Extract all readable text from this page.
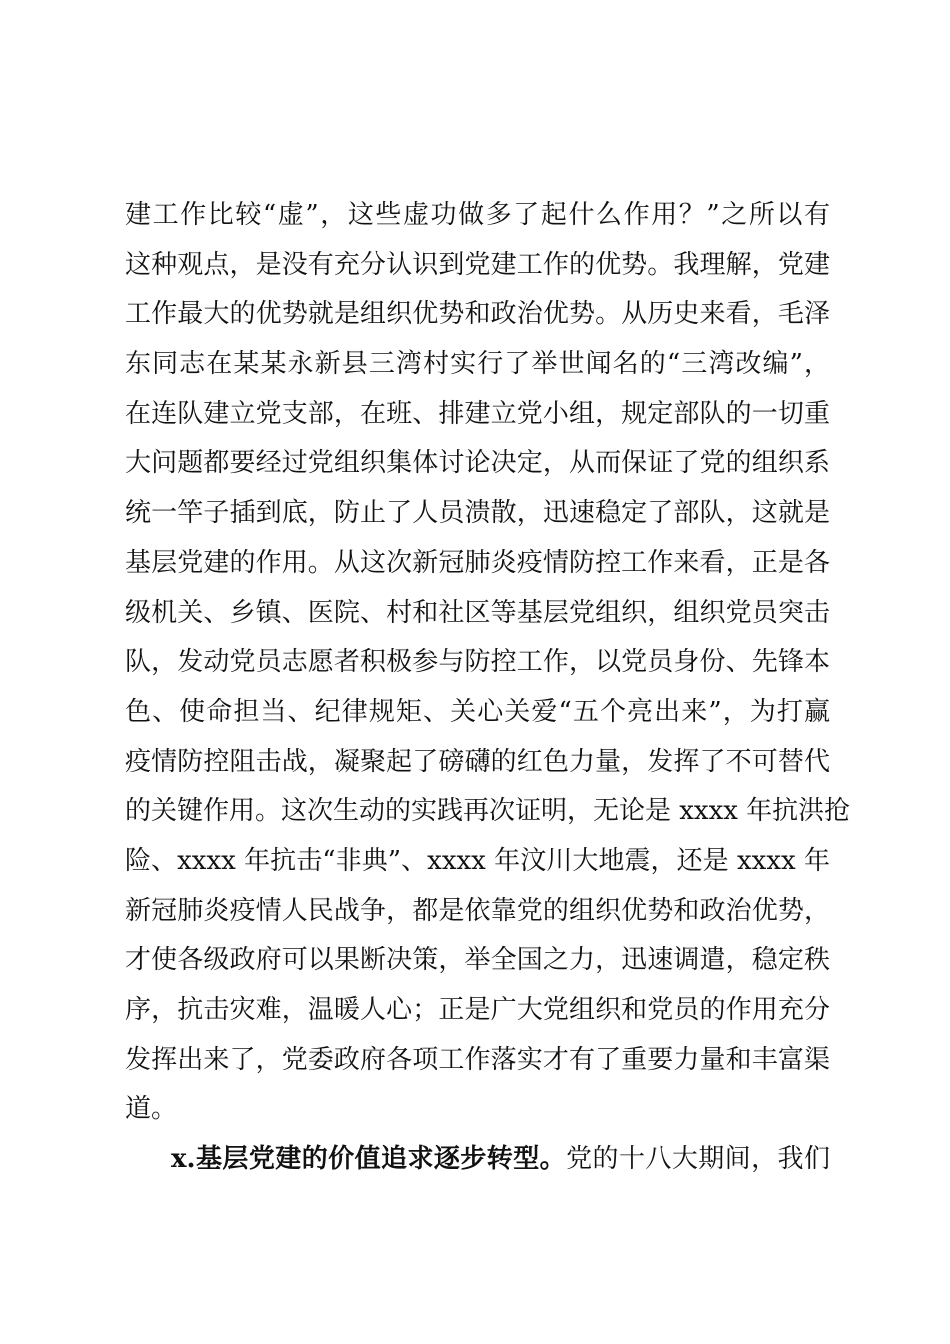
建工作比较“虚”，这些虚功做多了起什么作用？”之所以有
这种观点，是没有充分认识到党建工作的优势。我理解，党建
工作最大的优势就是组织优势和政治优势。从历史来看，毛泽
东同志在某某永新县三湾村实行了举世闻名的“三湾改编”，
在连队建立党支部，在班、排建立党小组，规定部队的一切重
大问题都要经过党组织集体讨论决定，从而保证了党的组织系
统一竿子插到底，防止了人员溃散，迅速稳定了部队，这就是
基层党建的作用。从这次新冠肺炎疫情防控工作来看，正是各
级机关、乡镇、医院、村和社区等基层党组织，组织党员突击
队，发动党员志愿者积极参与防控工作，以党员身份、先锋本
色、使命担当、纪律规矩、关心关爱“五个亮出来”，为打赢
疫情防控阻击战，凝聚起了磅礴的红色力量，发挥了不可替代
的关键作用。这次生动的实践再次证明，无论是 xxxx 年抗洪抢
险、xxxx 年抗击“非典”、xxxx 年汶川大地震，还是 xxxx 年
新冠肺炎疫情人民战争，都是依靠党的组织优势和政治优势，
才使各级政府可以果断决策，举全国之力，迅速调遣，稳定秩
序，抗击灾难，温暖人心；正是广大党组织和党员的作用充分
发挥出来了，党委政府各项工作落实才有了重要力量和丰富渠
道。
x.基层党建的价值追求逐步转型。党的十八大期间，我们
